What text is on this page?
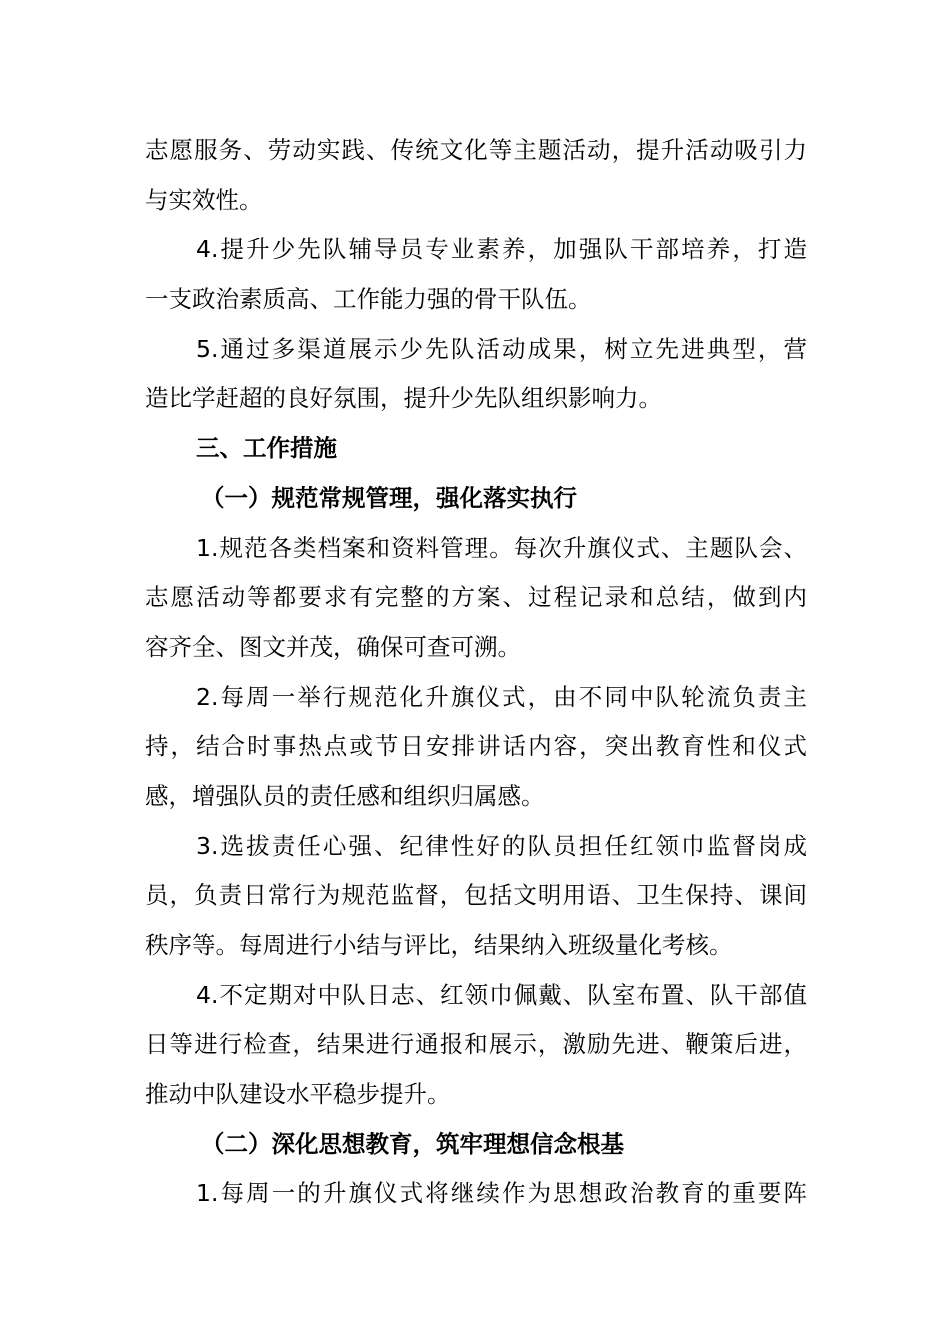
志愿服务、劳动实践、传统文化等主题活动，提升活动吸引力
与实效性。
4.提升少先队辅导员专业素养，加强队干部培养，打造
一支政治素质高、工作能力强的骨干队伍。
5.通过多渠道展示少先队活动成果，树立先进典型，营
造比学赶超的良好氛围，提升少先队组织影响力。
三、工作措施
（一）规范常规管理，强化落实执行
1.规范各类档案和资料管理。每次升旗仪式、主题队会、
志愿活动等都要求有完整的方案、过程记录和总结，做到内
容齐全、图文并茂，确保可查可溯。
2.每周一举行规范化升旗仪式，由不同中队轮流负责主
持，结合时事热点或节日安排讲话内容，突出教育性和仪式
感，增强队员的责任感和组织归属感。
3.选拔责任心强、纪律性好的队员担任红领巾监督岗成
员，负责日常行为规范监督，包括文明用语、卫生保持、课间
秩序等。每周进行小结与评比，结果纳入班级量化考核。
4.不定期对中队日志、红领巾佩戴、队室布置、队干部值
日等进行检查，结果进行通报和展示，激励先进、鞭策后进，
推动中队建设水平稳步提升。
（二）深化思想教育，筑牢理想信念根基
1.每周一的升旗仪式将继续作为思想政治教育的重要阵
